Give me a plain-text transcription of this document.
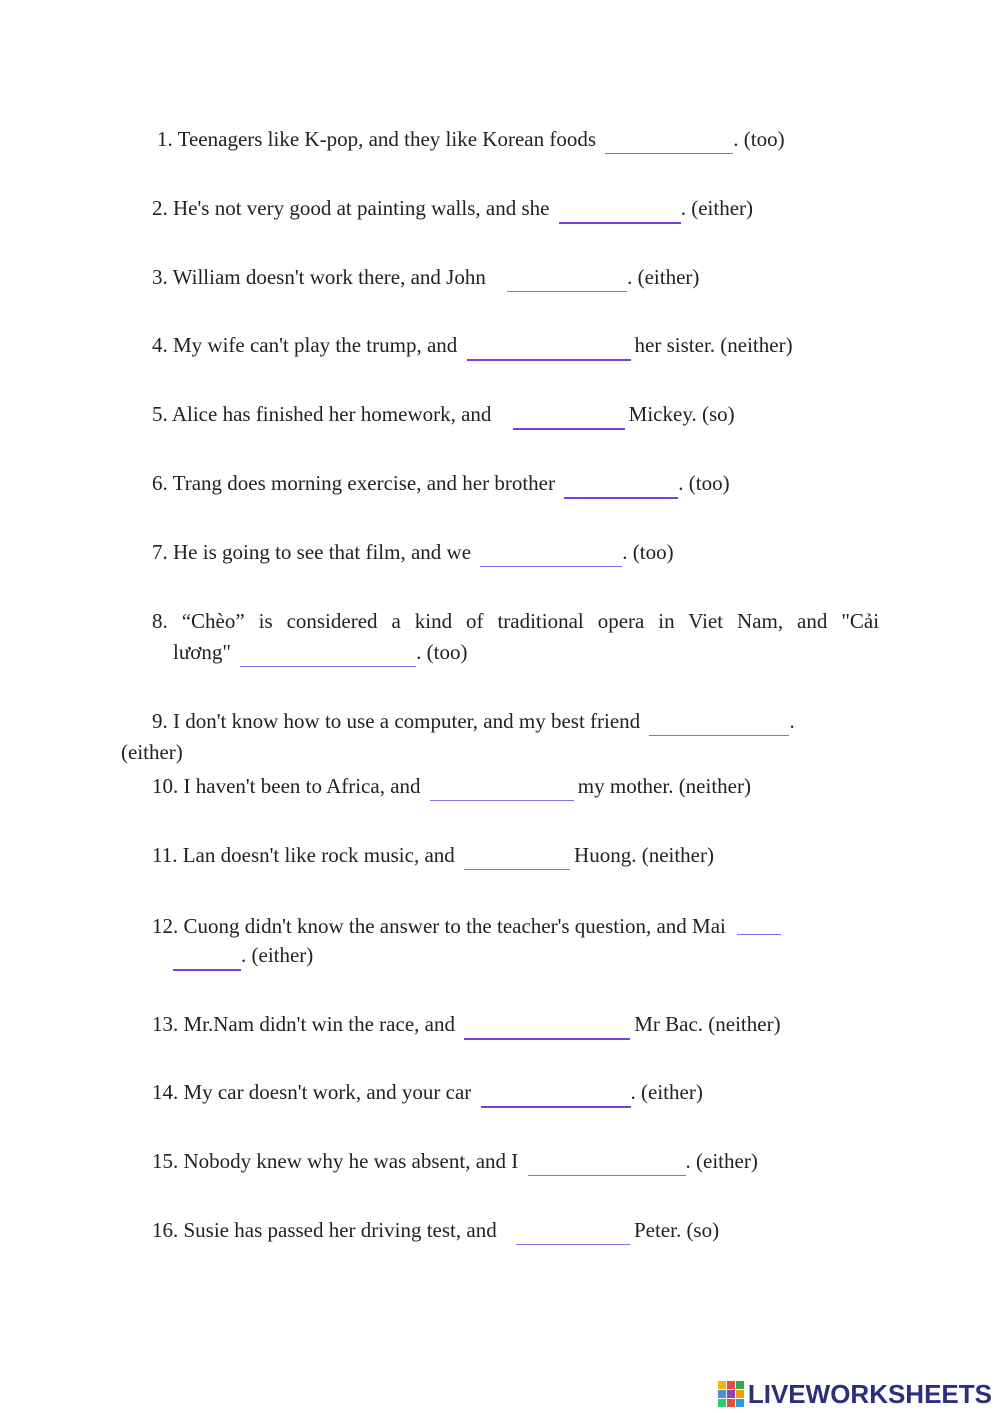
1. Teenagers like K-pop, and they like Korean foods	. (too)
2. He's not very good at painting walls, and she	. (either)
3. William doesn't work there, and John	. (either)
4. My wife can't play the trump, and	her sister. (neither)
5. Alice has finished her homework, and	Mickey. (so)
6. Trang does morning exercise, and her brother	. (too)
7. He is going to see that film, and we	. (too)
8. “Chèo” is considered a kind of traditional opera in Viet Nam, and "Cải
lương"	. (too)
9. I don't know how to use a computer, and my best friend	.
(either)
10. I haven't been to Africa, and	my mother. (neither)
11. Lan doesn't like rock music, and	Huong. (neither)
12. Cuong didn't know the answer to the teacher's question, and Mai
. (either)
13. Mr.Nam didn't win the race, and	Mr Bac. (neither)
14. My car doesn't work, and your car	. (either)
15. Nobody knew why he was absent, and I	. (either)
16. Susie has passed her driving test, and	Peter. (so)
LIVEWORKSHEETS
